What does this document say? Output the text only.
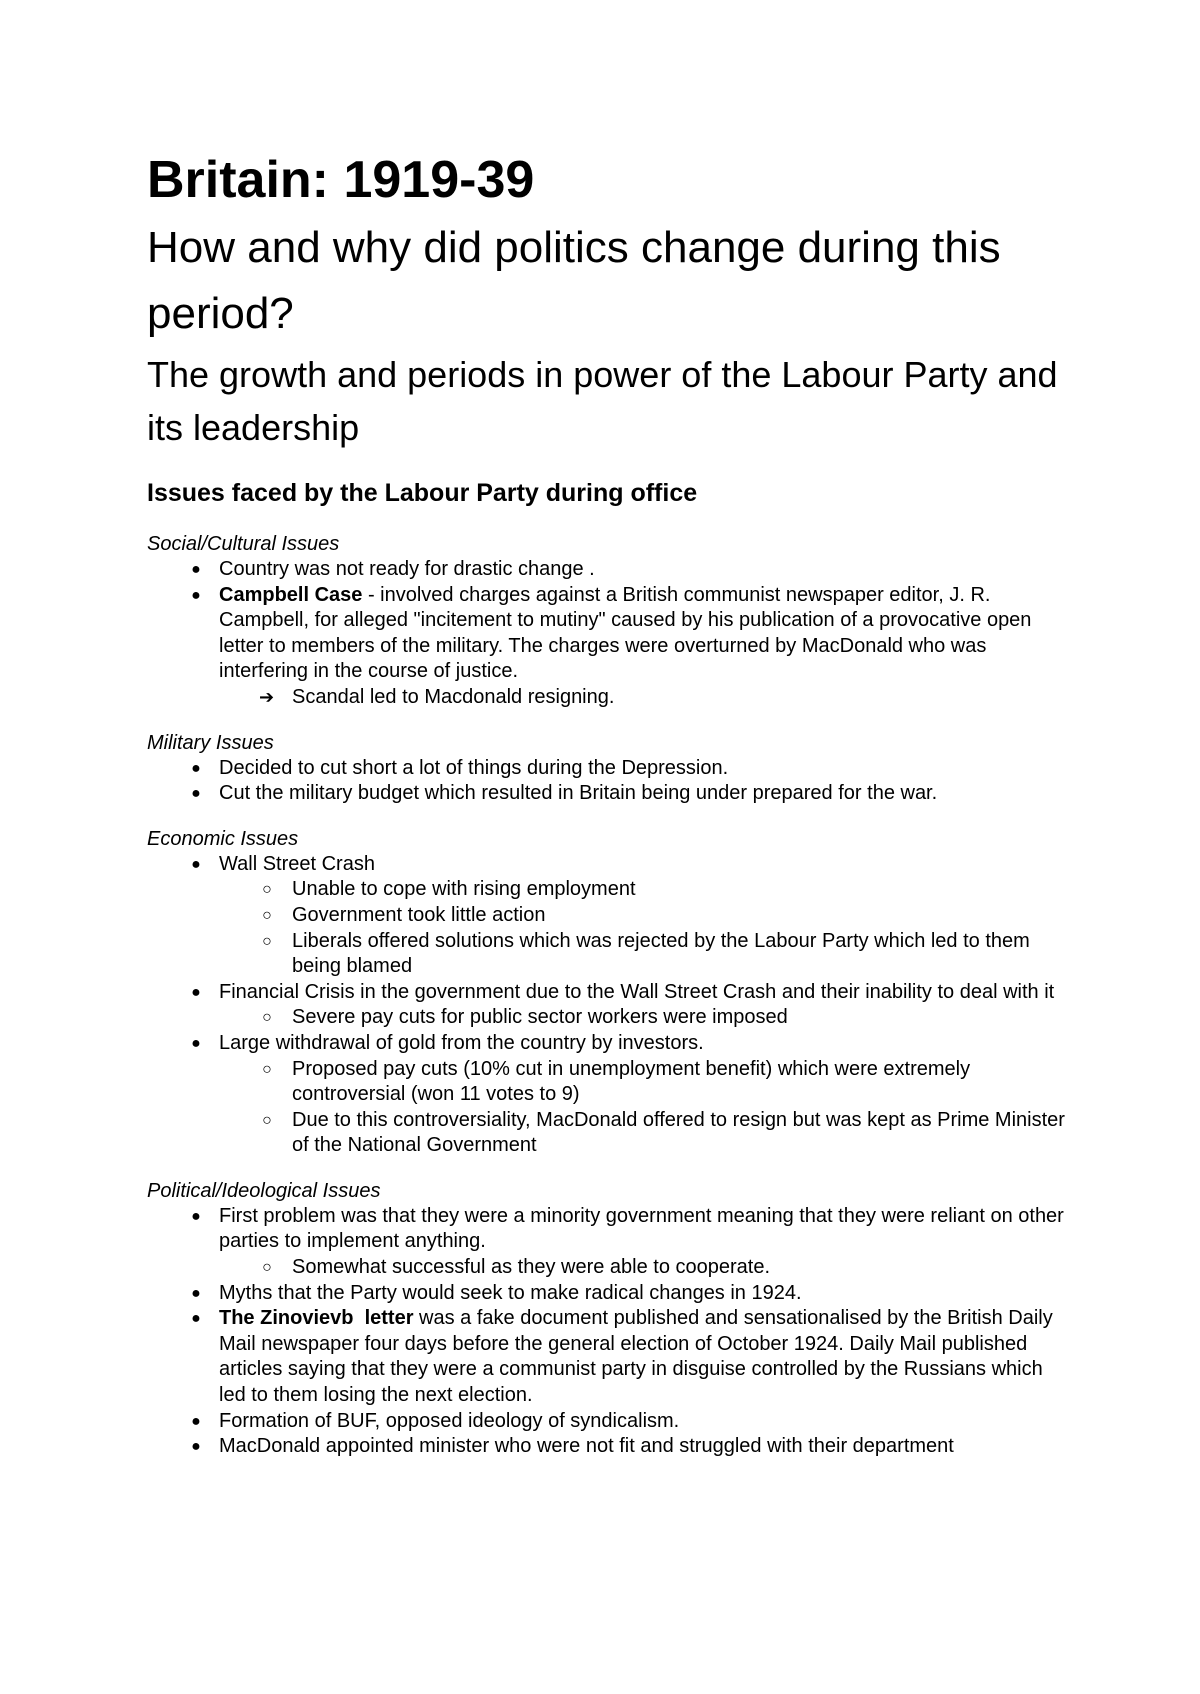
Britain: 1919-39
How and why did politics change during this period?
The growth and periods in power of the Labour Party and its leadership
Issues faced by the Labour Party during office

Social/Cultural Issues

● Country was not ready for drastic change .
● Campbell Case - involved charges against a British communist newspaper editor, J. R. Campbell, for alleged "incitement to mutiny" caused by his publication of a provocative open letter to members of the military. The charges were overturned by MacDonald who was interfering in the course of justice.
➔ Scandal led to Macdonald resigning.

Military Issues

● Decided to cut short a lot of things during the Depression.
● Cut the military budget which resulted in Britain being under prepared for the war.

Economic Issues

● Wall Street Crash
○ Unable to cope with rising employment
○ Government took little action
○ Liberals offered solutions which was rejected by the Labour Party which led to them being blamed
● Financial Crisis in the government due to the Wall Street Crash and their inability to deal with it
○ Severe pay cuts for public sector workers were imposed
● Large withdrawal of gold from the country by investors.
○ Proposed pay cuts (10% cut in unemployment benefit) which were extremely controversial (won 11 votes to 9)
○ Due to this controversiality, MacDonald offered to resign but was kept as Prime Minister of the National Government

Political/Ideological Issues

● First problem was that they were a minority government meaning that they were reliant on other parties to implement anything.
○ Somewhat successful as they were able to cooperate.
● Myths that the Party would seek to make radical changes in 1924.
● The Zinovievb  letter was a fake document published and sensationalised by the British Daily Mail newspaper four days before the general election of October 1924. Daily Mail published articles saying that they were a communist party in disguise controlled by the Russians which led to them losing the next election.
● Formation of BUF, opposed ideology of syndicalism.
● MacDonald appointed minister who were not fit and struggled with their department
